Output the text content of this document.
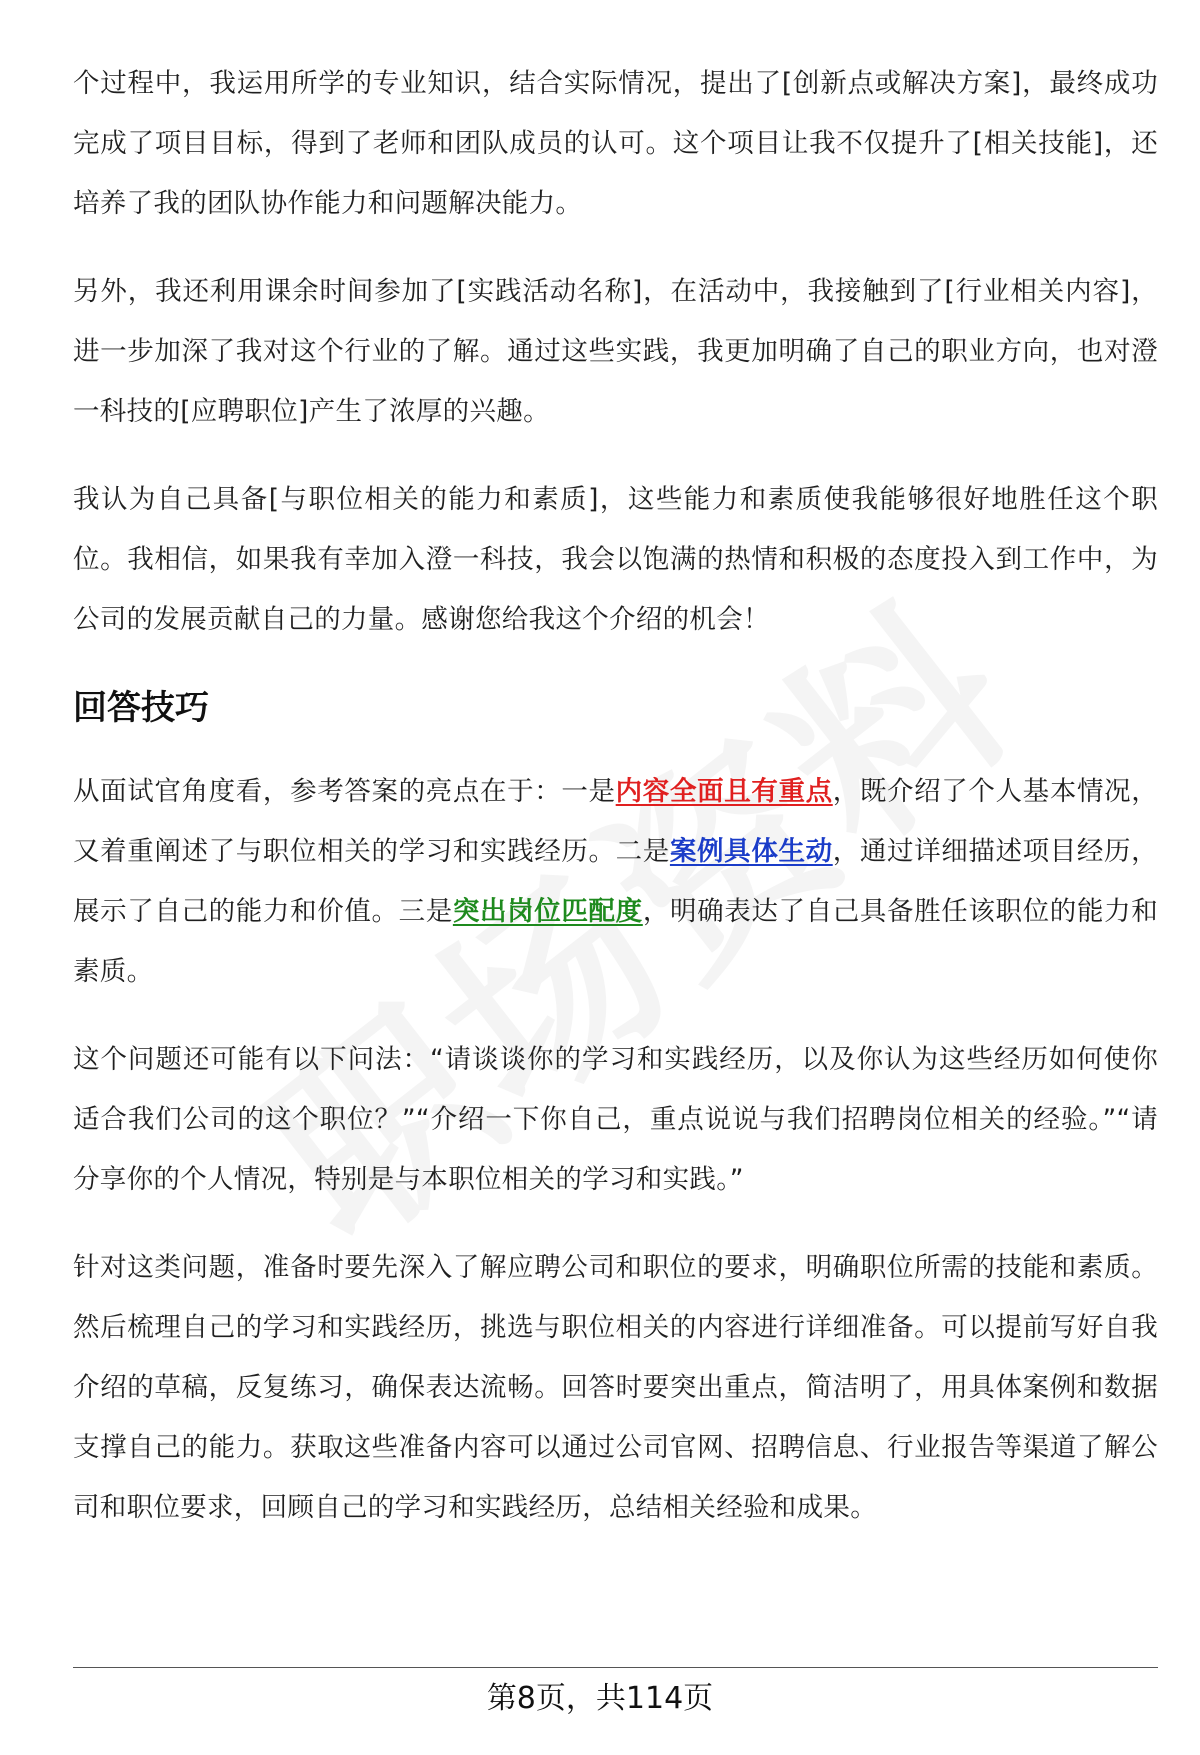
个过程中，我运用所学的专业知识，结合实际情况，提出了[创新点或解决方案]，最终成功完成了项目目标，得到了老师和团队成员的认可。这个项目让我不仅提升了[相关技能]，还培养了我的团队协作能力和问题解决能力。

另外，我还利用课余时间参加了[实践活动名称]，在活动中，我接触到了[行业相关内容]，进一步加深了我对这个行业的了解。通过这些实践，我更加明确了自己的职业方向，也对澄一科技的[应聘职位]产生了浓厚的兴趣。

我认为自己具备[与职位相关的能力和素质]，这些能力和素质使我能够很好地胜任这个职位。我相信，如果我有幸加入澄一科技，我会以饱满的热情和积极的态度投入到工作中，为公司的发展贡献自己的力量。感谢您给我这个介绍的机会！

回答技巧

从面试官角度看，参考答案的亮点在于：一是内容全面且有重点，既介绍了个人基本情况，又着重阐述了与职位相关的学习和实践经历。二是案例具体生动，通过详细描述项目经历，展示了自己的能力和价值。三是突出岗位匹配度，明确表达了自己具备胜任该职位的能力和素质。

这个问题还可能有以下问法：“请谈谈你的学习和实践经历，以及你认为这些经历如何使你适合我们公司的这个职位？”“介绍一下你自己，重点说说与我们招聘岗位相关的经验。”“请分享你的个人情况，特别是与本职位相关的学习和实践。”

针对这类问题，准备时要先深入了解应聘公司和职位的要求，明确职位所需的技能和素质。然后梳理自己的学习和实践经历，挑选与职位相关的内容进行详细准备。可以提前写好自我介绍的草稿，反复练习，确保表达流畅。回答时要突出重点，简洁明了，用具体案例和数据支撑自己的能力。获取这些准备内容可以通过公司官网、招聘信息、行业报告等渠道了解公司和职位要求，回顾自己的学习和实践经历，总结相关经验和成果。

第8页，共114页
